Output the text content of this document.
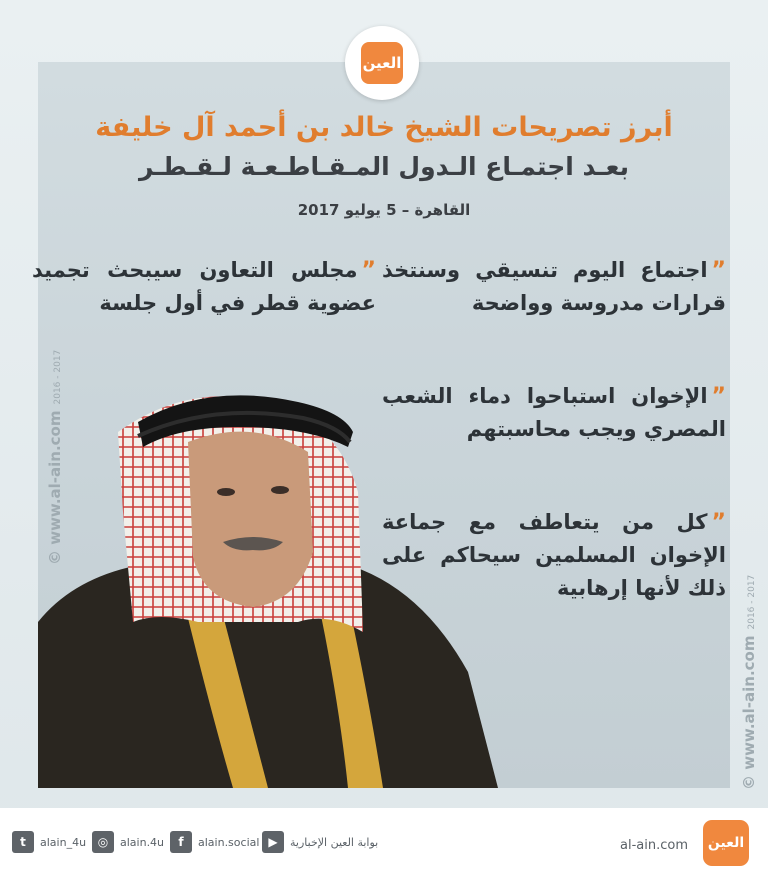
العين
أبرز تصريحات الشيخ خالد بن أحمد آل خليفة
بعـد اجتمـاع الـدول المـقـاطـعـة لـقـطـر
القاهرة – 5 يوليو 2017
”اجتماع اليوم تنسيقي وسنتخذ قرارات مدروسة وواضحة
”مجلس التعاون سيبحث تجميد عضوية قطر في أول جلسة
”الإخوان استباحوا دماء الشعب المصري ويجب محاسبتهم
”كل من يتعاطف مع جماعة الإخوان المسلمين سيحاكم على ذلك لأنها إرهابية
© www.al-ain.com2016 - 2017
© www.al-ain.com2016 - 2017
t	alain_4u ◎	alain.4u	f	alain.social ▶	بوابة العين الإخبارية	al-ain.com	العين
